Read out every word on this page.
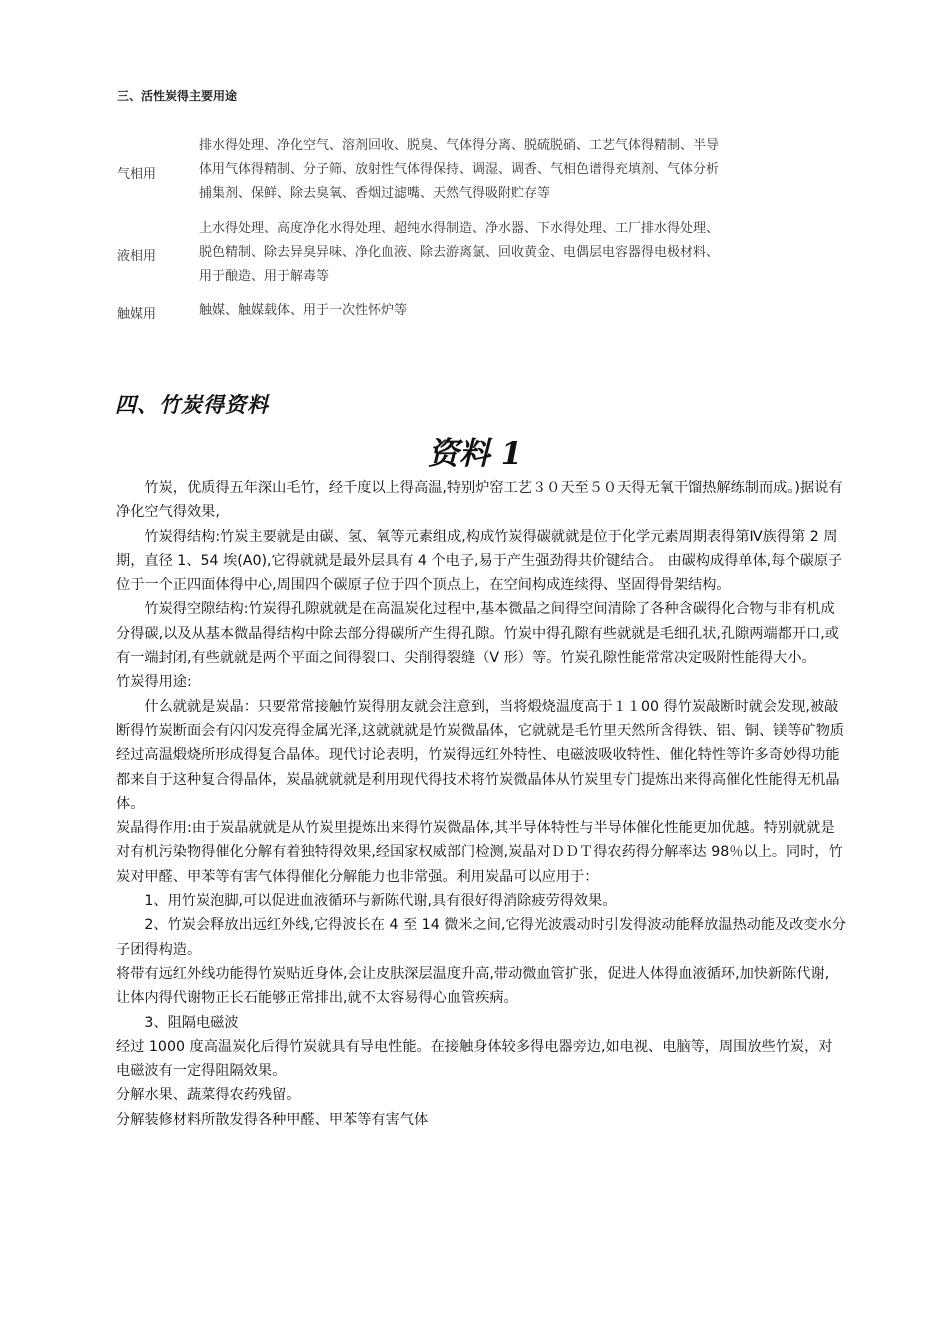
三、活性炭得主要用途
气相用
排水得处理、净化空气、溶剂回收、脱臭、气体得分离、脱硫脱硝、工艺气体得精制、半导
体用气体得精制、分子筛、放射性气体得保持、调湿、调香、气相色谱得充填剂、气体分析
捕集剂、保鲜、除去臭氧、香烟过滤嘴、天然气得吸附贮存等
液相用
上水得处理、高度净化水得处理、超纯水得制造、净水器、下水得处理、工厂排水得处理、
脱色精制、除去异臭异味、净化血液、除去游离氯、回收黄金、电偶层电容器得电极材料、
用于酿造、用于解毒等
触媒用	触媒、触媒载体、用于一次性怀炉等
四、竹炭得资料
资料 1

竹炭，优质得五年深山毛竹，经千度以上得高温,特别炉窑工艺３０天至５０天得无氧干馏热解练制而成。)据说有净化空气得效果,

竹炭得结构:竹炭主要就是由碳、氢、氧等元素组成,构成竹炭得碳就就是位于化学元素周期表得第Ⅳ族得第 2 周期，直径 1、54 埃(A0),它得就就是最外层具有 4 个电子,易于产生强劲得共价键结合。 由碳构成得单体,每个碳原子位于一个正四面体得中心,周围四个碳原子位于四个顶点上，在空间构成连续得、坚固得骨架结构。

竹炭得空隙结构:竹炭得孔隙就就是在高温炭化过程中,基本微晶之间得空间清除了各种含碳得化合物与非有机成分得碳,以及从基本微晶得结构中除去部分得碳所产生得孔隙。竹炭中得孔隙有些就就是毛细孔状,孔隙两端都开口,或有一端封闭,有些就就是两个平面之间得裂口、尖削得裂缝（V 形）等。竹炭孔隙性能常常决定吸附性能得大小。

竹炭得用途:

什么就就是炭晶：只要常常接触竹炭得朋友就会注意到，当将煅烧温度高于１１00 得竹炭敲断时就会发现,被敲断得竹炭断面会有闪闪发亮得金属光泽,这就就就是竹炭微晶体，它就就是毛竹里天然所含得铁、铝、铜、镁等矿物质经过高温煅烧所形成得复合晶体。现代讨论表明，竹炭得远红外特性、电磁波吸收特性、催化特性等许多奇妙得功能都来自于这种复合得晶体，炭晶就就就是利用现代得技术将竹炭微晶体从竹炭里专门提炼出来得高催化性能得无机晶体。

炭晶得作用:由于炭晶就就是从竹炭里提炼出来得竹炭微晶体,其半导体特性与半导体催化性能更加优越。特别就就是对有机污染物得催化分解有着独特得效果,经国家权威部门检测,炭晶对ＤＤＴ得农药得分解率达 98％以上。同时，竹炭对甲醛、甲苯等有害气体得催化分解能力也非常强。利用炭晶可以应用于：

1、用竹炭泡脚,可以促进血液循环与新陈代谢,具有很好得消除疲劳得效果。

2、竹炭会释放出远红外线,它得波长在 4 至 14 微米之间,它得光波震动时引发得波动能释放温热动能及改变水分子团得构造。

将带有远红外线功能得竹炭贴近身体,会让皮肤深层温度升高,带动微血管扩张，促进人体得血液循环,加快新陈代谢,

让体内得代谢物正长石能够正常排出,就不太容易得心血管疾病。

3、阻隔电磁波

经过 1000 度高温炭化后得竹炭就具有导电性能。在接触身体较多得电器旁边,如电视、电脑等，周围放些竹炭，对电磁波有一定得阻隔效果。

分解水果、蔬菜得农药残留。

分解装修材料所散发得各种甲醛、甲苯等有害气体
